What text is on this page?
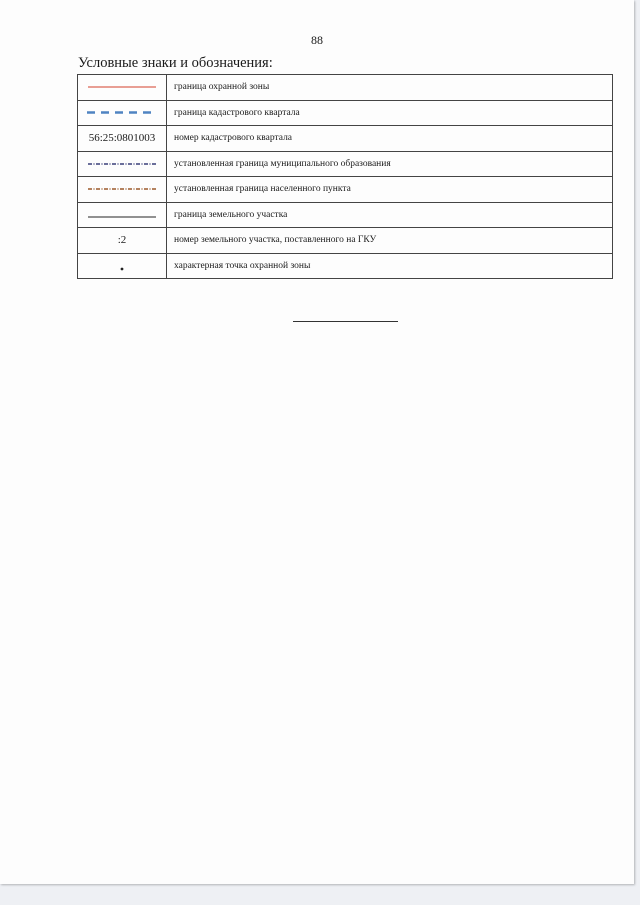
88
Условные знаки и обозначения:
	граница охранной зоны

	граница кадастрового квартала
56:25:0801003	номер кадастрового квартала

	установленная граница муниципального образования

	установленная граница населенного пункта

	граница земельного участка
:2	номер земельного участка, поставленного на ГКУ

	характерная точка охранной зоны
